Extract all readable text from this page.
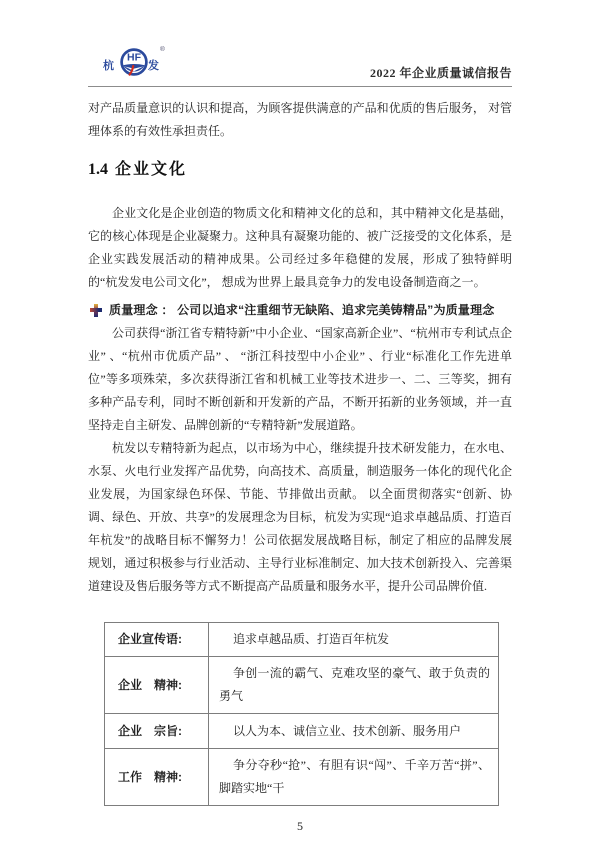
杭
HF
发
®
2022 年企业质量诚信报告

对产品质量意识的认识和提高，为顾客提供满意的产品和优质的售后服务， 对管理体系的有效性承担责任。

1.4 企业文化

企业文化是企业创造的物质文化和精神文化的总和，其中精神文化是基础，它的核心体现是企业凝聚力。这种具有凝聚功能的、被广泛接受的文化体系，是企业实践发展活动的精神成果。公司经过多年稳健的发展，形成了独特鲜明的“杭发发电公司文化”， 想成为世界上最具竞争力的发电设备制造商之一。

质量理念 ： 公司以追求“注重细节无缺陷、追求完美铸精品”为质量理念

公司获得“浙江省专精特新”中小企业、“国家高新企业”、“杭州市专利试点企业” 、“杭州市优质产品” 、 “浙江科技型中小企业” 、行业“标准化工作先进单位”等多项殊荣，多次获得浙江省和机械工业等技术进步一、二、三等奖，拥有多种产品专利，同时不断创新和开发新的产品，不断开拓新的业务领域，并一直坚持走自主研发、品牌创新的“专精特新”发展道路。

杭发以专精特新为起点，以市场为中心，继续提升技术研发能力，在水电、水泵、火电行业发挥产品优势，向高技术、高质量，制造服务一体化的现代化企业发展，为国家绿色环保、节能、节排做出贡献。 以全面贯彻落实“创新、协调、绿色、开放、共享”的发展理念为目标，杭发为实现“追求卓越品质、打造百年杭发”的战略目标不懈努力！公司依据发展战略目标，制定了相应的品牌发展规划，通过积极参与行业活动、主导行业标准制定、加大技术创新投入、完善渠道建设及售后服务等方式不断提高产品质量和服务水平，提升公司品牌价值.

企业宣传语:	追求卓越品质、打造百年杭发
企业　精神:	争创一流的霸气、克难攻坚的豪气、敢于负责的勇气
企业　宗旨:	以人为本、诚信立业、技术创新、服务用户
工作　精神:	争分夺秒“抢”、有胆有识“闯”、千辛万苦“拼”、脚踏实地“干
5
